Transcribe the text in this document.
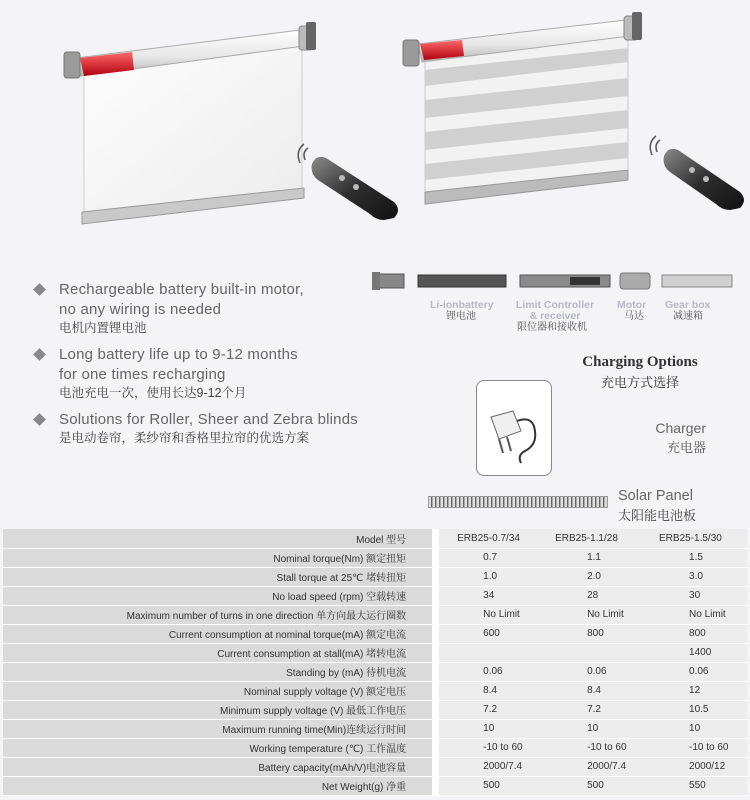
Rechargeable battery built-in motor,
no any wiring is needed
电机内置锂电池
Long battery life up to 9-12 months
for one times recharging
电池充电一次，使用长达9-12个月
Solutions for Roller, Sheer and Zebra blinds
是电动卷帘，柔纱帘和香格里拉帘的优选方案
Li-ionbattery
锂电池
Limit Controller
& receiver
限位器和接收机
Motor
马达
Gear box
减速箱
Charging Options
充电方式选择
Charger
充电器
Solar Panel
太阳能电池板
Model 型号		ERB25-0.7/34	ERB25-1.1/28	ERB25-1.5/30
Nominal torque(Nm) 额定扭矩		0.7	1.1	1.5
Stall torque at 25℃ 堵转扭矩		1.0	2.0	3.0
No load speed (rpm) 空载转速		34	28	30
Maximum number of turns in one direction 单方向最大运行圈数		No Limit	No Limit	No Limit
Current consumption at nominal torque(mA) 额定电流		600	800	800
Current consumption at stall(mA) 堵转电流				1400
Standing by (mA) 待机电流		0.06	0.06	0.06
Nominal supply voltage (V) 额定电压		8.4	8.4	12
Minimum supply voltage (V) 最低工作电压		7.2	7.2	10.5
Maximum running time(Min)连续运行时间		10	10	10
Working temperature (℃) 工作温度		-10 to 60	-10 to 60	-10 to 60
Battery capacity(mAh/V)电池容量		2000/7.4	2000/7.4	2000/12
Net Weight(g) 净重		500	500	550
